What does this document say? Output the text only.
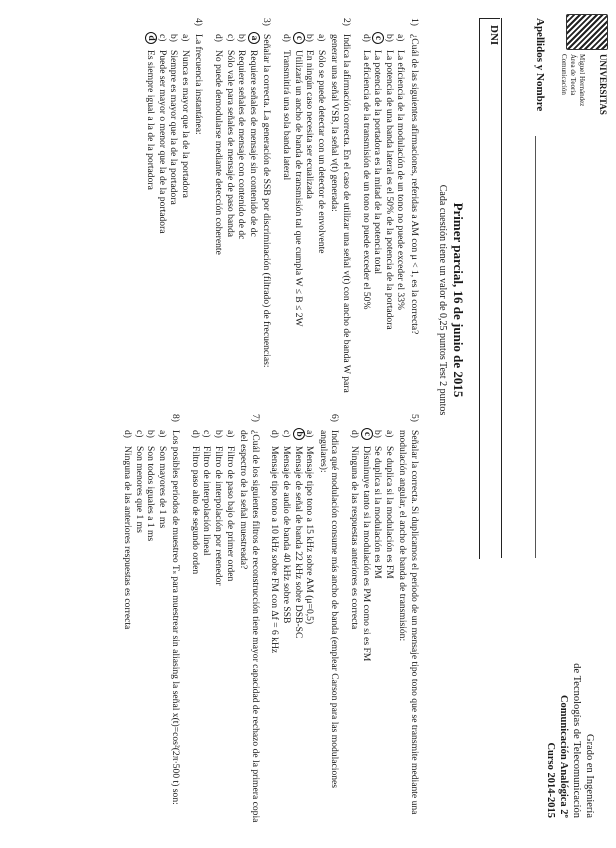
UNIVERSITAS
Miguel Hernández
Área de Teoría
Comunicación
Grado en Ingeniería
de Tecnologías de Telecomunicación
Comunicación Analógica 2º
Curso 2014-2015
Apellidos y Nombre
DNI
Primer parcial, 16 de junio de 2015
Cada cuestión tiene un valor de 0,25 puntos Test 2 puntos
1)
¿Cuál de las siguientes afirmaciones, referidas a AM con μ < 1, es la correcta?
a)
La eficiencia de la modulación de un tono no puede exceder el 33%
b)
La potencia de una banda lateral es el 50% de la potencia de la portadora
c
La potencia de la portadora es la mitad de la potencia total
d)
La eficiencia de la transmisión de un tono no puede exceder el 50%
2)
Indica la afirmación correcta. En el caso de utilizar una señal v(t) con ancho de banda W para generar una señal VSB, la señal v(t) generada:
a)
Sólo se puede detectar con un detector de envolvente
b)
En ningún caso necesita ser ecualizada
c
Utilizará un ancho de banda de transmisión tal que cumpla W ≤ B ≤ 2W
d)
Transmitirá una sola banda lateral
3)
Señalar la correcta. La generación de SSB por discriminación (filtrado) de frecuencias:
a
Requiere señales de mensaje sin contenido de dc
b)
Requiere señales de mensaje con contenido de dc
c)
Sólo vale para señales de mensaje de paso banda
d)
No puede demodularse mediante detección coherente
4)
La frecuencia instantánea:
a)
Nunca es mayor que la de la portadora
b)
Siempre es mayor que la de la portadora
c)
Puede ser mayor o menor que la de la portadora
d
Es siempre igual a la de la portadora
5)
Señalar la correcta. Si duplicamos el periodo de un mensaje tipo tono que se transmite mediante una modulación angular, el ancho de banda de transmisión:
a)
Se duplica si la modulación es FM
b)
Se duplica si la modulación es PM
c
Disminuye tanto si la modulación es PM como si es FM
d)
Ninguna de las respuestas anteriores es correcta
6)
Indica qué modulación consume más ancho de banda (emplear Carson para las modulaciones angulares):
a)
Mensaje tipo tono a 15 kHz sobre AM (μ=0,5)
b
Mensaje de señal de banda 22 kHz sobre DSB-SC
c)
Mensaje de audio de banda 40 kHz sobre SSB
d)
Mensaje tipo tono a 10 kHz sobre FM con Δf = 6 kHz
7)
¿Cuál de los siguientes filtros de reconstrucción tiene mayor capacidad de rechazo de la primera copia del espectro de la señal muestreada?
a)
Filtro de paso bajo de primer orden
b)
Filtro de interpolación por retenedor
c)
Filtro de interpolación lineal
d)
Filtro paso alto de segundo orden
8)
Los posibles periodos de muestreo Tₛ para muestrear sin aliasing la señal x(t)=cos²(2π·500 t) son:
a)
Son mayores de 1 ms
b)
Son todos iguales a 1 ms
c)
Son menores que 1 ms
d)
Ninguna de las anteriores respuestas es correcta
